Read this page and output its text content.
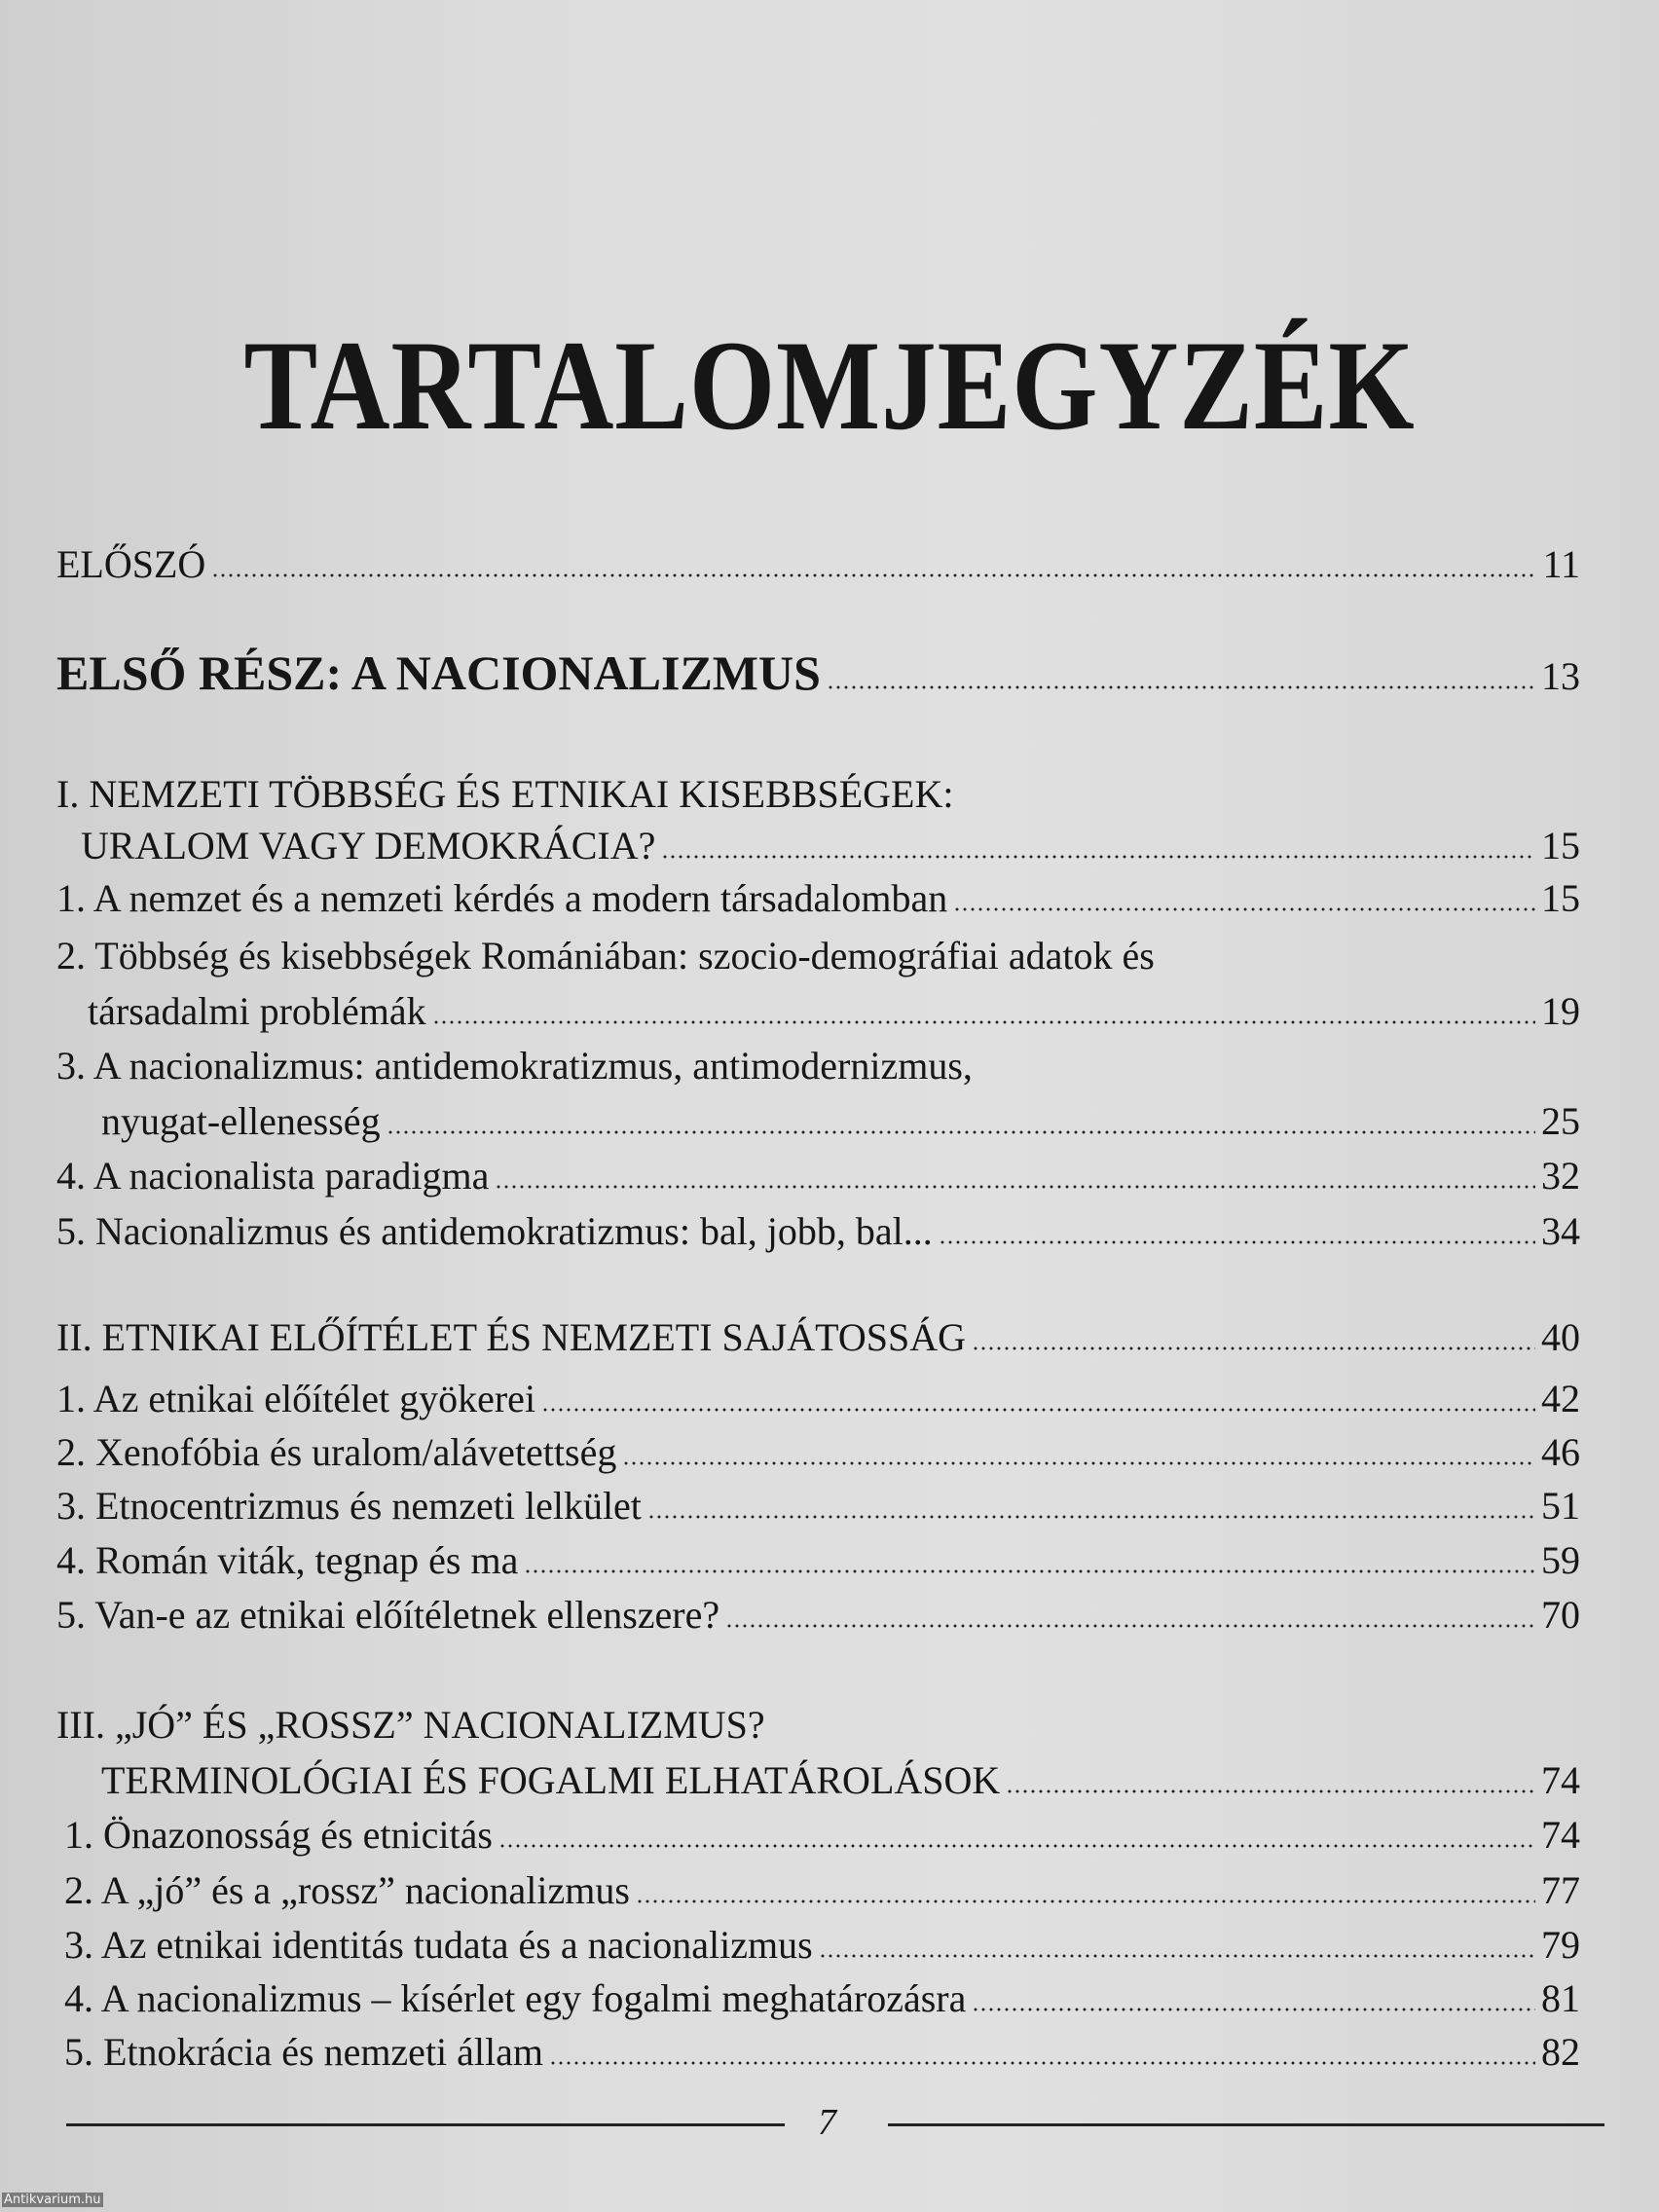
TARTALOMJEGYZÉK
ELŐSZÓ	11
ELSŐ RÉSZ: A NACIONALIZMUS	13
I. NEMZETI TÖBBSÉG ÉS ETNIKAI KISEBBSÉGEK:
URALOM VAGY DEMOKRÁCIA?	15
1. A nemzet és a nemzeti kérdés a modern társadalomban	15
2. Többség és kisebbségek Romániában: szocio-demográfiai adatok és
társadalmi problémák	19
3. A nacionalizmus: antidemokratizmus, antimodernizmus,
nyugat-ellenesség	25
4. A nacionalista paradigma	32
5. Nacionalizmus és antidemokratizmus: bal, jobb, bal...	34
II. ETNIKAI ELŐÍTÉLET ÉS NEMZETI SAJÁTOSSÁG	40
1. Az etnikai előítélet gyökerei	42
2. Xenofóbia és uralom/alávetettség	46
3. Etnocentrizmus és nemzeti lelkület	51
4. Román viták, tegnap és ma	59
5. Van-e az etnikai előítéletnek ellenszere?	70
III. „JÓ” ÉS „ROSSZ” NACIONALIZMUS?
TERMINOLÓGIAI ÉS FOGALMI ELHATÁROLÁSOK	74
1. Önazonosság és etnicitás	74
2. A „jó” és a „rossz” nacionalizmus	77
3. Az etnikai identitás tudata és a nacionalizmus	79
4. A nacionalizmus – kísérlet egy fogalmi meghatározásra	81
5. Etnokrácia és nemzeti állam	82
7
Antikvarium.hu
